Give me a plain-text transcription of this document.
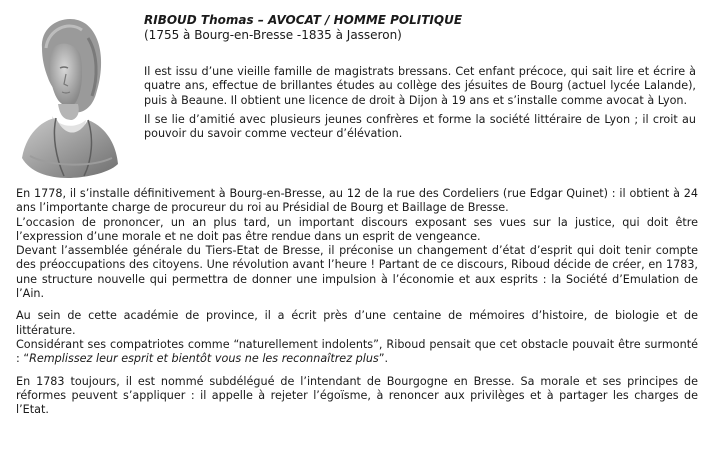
RIBOUD Thomas – AVOCAT / HOMME POLITIQUE
(1755 à Bourg-en-Bresse -1835 à Jasseron)

Il est issu d’une vieille famille de magistrats bressans. Cet enfant précoce, qui sait lire et écrire à quatre ans, effectue de brillantes études au collège des jésuites de Bourg (actuel lycée Lalande), puis à Beaune. Il obtient une licence de droit à Dijon à 19 ans et s’installe comme avocat à Lyon.

Il se lie d’amitié avec plusieurs jeunes confrères et forme la société littéraire de Lyon ; il croit au pouvoir du savoir comme vecteur d’élévation.

En 1778, il s’installe définitivement à Bourg-en-Bresse, au 12 de la rue des Cordeliers (rue Edgar Quinet) : il obtient à 24 ans l’importante charge de procureur du roi au Présidial de Bourg et Baillage de Bresse.

L’occasion de prononcer, un an plus tard, un important discours exposant ses vues sur la justice, qui doit être l’expression d’une morale et ne doit pas être rendue dans un esprit de vengeance.

Devant l’assemblée générale du Tiers-Etat de Bresse, il préconise un changement d’état d’esprit qui doit tenir compte des préoccupations des citoyens. Une révolution avant l’heure ! Partant de ce discours, Riboud décide de créer, en 1783, une structure nouvelle qui permettra de donner une impulsion à l’économie et aux esprits : la Société d’Emulation de l’Ain.

Au sein de cette académie de province, il a écrit près d’une centaine de mémoires d’histoire, de biologie et de littérature.

Considérant ses compatriotes comme “naturellement indolents”, Riboud pensait que cet obstacle pouvait être surmonté : “Remplissez leur esprit et bientôt vous ne les reconnaîtrez plus”.

En 1783 toujours, il est nommé subdélégué de l’intendant de Bourgogne en Bresse. Sa morale et ses principes de réformes peuvent s’appliquer : il appelle à rejeter l’égoïsme, à renoncer aux privilèges et à partager les charges de l’Etat.
